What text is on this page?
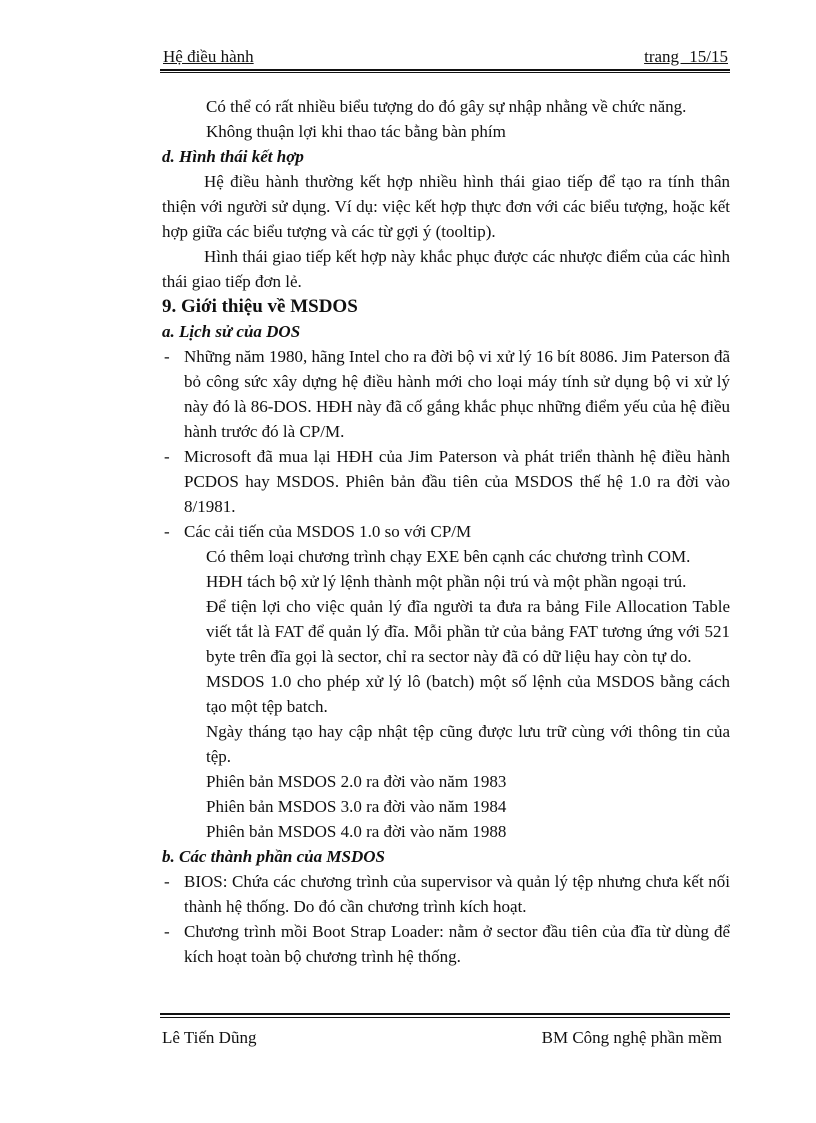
Hệ điều hành	trang 15/15

Có thể có rất nhiều biểu tượng do đó gây sự nhập nhằng về chức năng.

Không thuận lợi khi thao tác bằng bàn phím

d. Hình thái kết hợp

Hệ điều hành thường kết hợp nhiều hình thái giao tiếp để tạo ra tính thân thiện với người sử dụng. Ví dụ: việc kết hợp thực đơn với các biểu tượng, hoặc kết hợp giữa các biểu tượng và các từ gợi ý (tooltip).

Hình thái giao tiếp kết hợp này khắc phục được các nhược điểm của các hình thái giao tiếp đơn lẻ.

9. Giới thiệu về MSDOS

a. Lịch sử của DOS

- Những năm 1980, hãng Intel cho ra đời bộ vi xử lý 16 bít 8086. Jim Paterson đã bỏ công sức xây dựng hệ điều hành mới cho loại máy tính sử dụng bộ vi xử lý này đó là 86-DOS. HĐH này đã cố gắng khắc phục những điểm yếu của hệ điều hành trước đó là CP/M.

- Microsoft đã mua lại HĐH của Jim Paterson và phát triển thành hệ điều hành PCDOS hay MSDOS. Phiên bản đầu tiên của MSDOS thế hệ 1.0 ra đời vào 8/1981.

- Các cải tiến của MSDOS 1.0 so với CP/M

Có thêm loại chương trình chạy EXE bên cạnh các chương trình COM.

HĐH tách bộ xử lý lệnh thành một phần nội trú và một phần ngoại trú.

Để tiện lợi cho việc quản lý đĩa người ta đưa ra bảng File Allocation Table viết tắt là FAT để quản lý đĩa. Mỗi phần tử của bảng FAT tương ứng với 521 byte trên đĩa gọi là sector, chỉ ra sector này đã có dữ liệu hay còn tự do.

MSDOS 1.0 cho phép xử lý lô (batch) một số lệnh của MSDOS bằng cách tạo một tệp batch.

Ngày tháng tạo hay cập nhật tệp cũng được lưu trữ cùng với thông tin của tệp.

Phiên bản MSDOS 2.0 ra đời vào năm 1983

Phiên bản MSDOS 3.0 ra đời vào năm 1984

Phiên bản MSDOS 4.0 ra đời vào năm 1988

b. Các thành phần của MSDOS

- BIOS: Chứa các chương trình của supervisor và quản lý tệp nhưng chưa kết nối thành hệ thống. Do đó cần chương trình kích hoạt.

- Chương trình mồi Boot Strap Loader: nằm ở sector đầu tiên của đĩa từ dùng để kích hoạt toàn bộ chương trình hệ thống.

Lê Tiến Dũng	BM Công nghệ phần mềm
